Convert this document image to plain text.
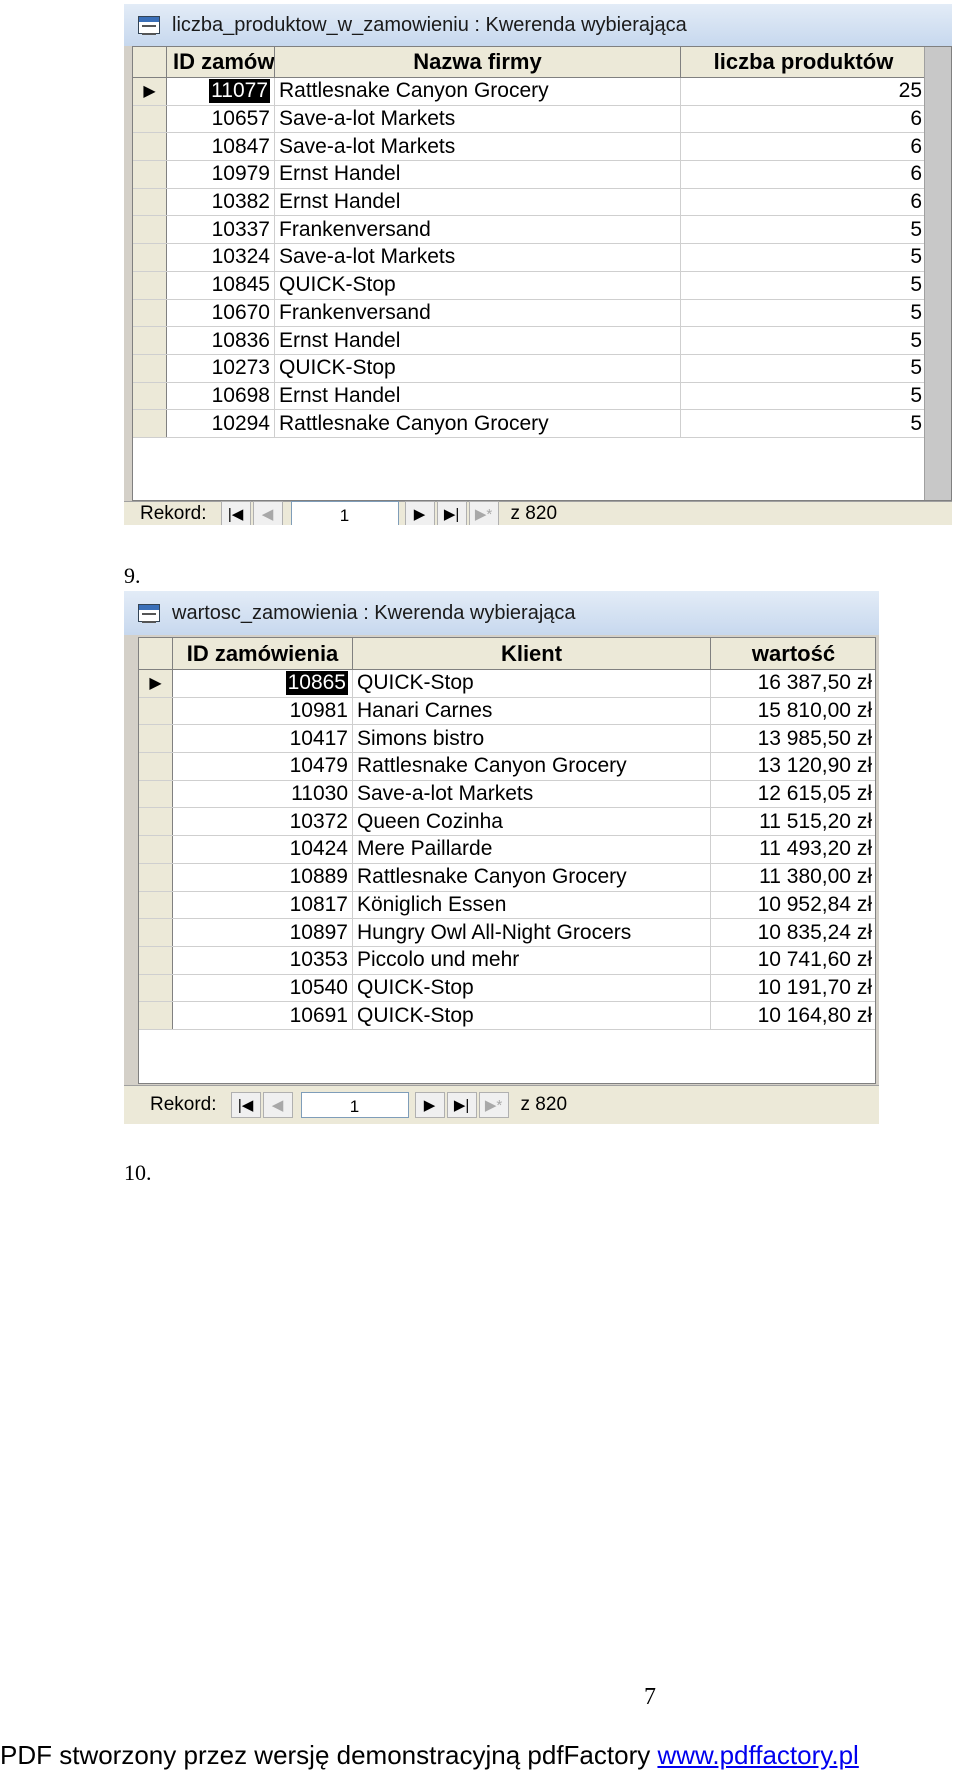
liczba_produktow_w_zamowieniu : Kwerenda wybierająca
ID zamów	Nazwa firmy	liczba produktów
▶	11077 Rattlesnake Canyon Grocery	25
10657 Save-a-lot Markets	6
10847 Save-a-lot Markets	6
10979 Ernst Handel	6
10382 Ernst Handel	6
10337 Frankenversand	5
10324 Save-a-lot Markets	5
10845 QUICK-Stop	5
10670 Frankenversand	5
10836 Ernst Handel	5
10273 QUICK-Stop	5
10698 Ernst Handel	5
10294 Rattlesnake Canyon Grocery	5
Rekord:	|◀	◀	1	▶	▶|	▶* z 820
9.
wartosc_zamowienia : Kwerenda wybierająca
ID zamówienia	Klient	wartość
▶	10865 QUICK-Stop	16 387,50 zł
10981 Hanari Carnes	15 810,00 zł
10417 Simons bistro	13 985,50 zł
10479 Rattlesnake Canyon Grocery	13 120,90 zł
11030 Save-a-lot Markets	12 615,05 zł
10372 Queen Cozinha	11 515,20 zł
10424 Mere Paillarde	11 493,20 zł
10889 Rattlesnake Canyon Grocery	11 380,00 zł
10817 Königlich Essen	10 952,84 zł
10897 Hungry Owl All-Night Grocers	10 835,24 zł
10353 Piccolo und mehr	10 741,60 zł
10540 QUICK-Stop	10 191,70 zł
10691 QUICK-Stop	10 164,80 zł
Rekord:	|◀	◀	1	▶	▶|	▶* z 820
10.
7
PDF stworzony przez wersję demonstracyjną pdfFactory www.pdffactory.pl
